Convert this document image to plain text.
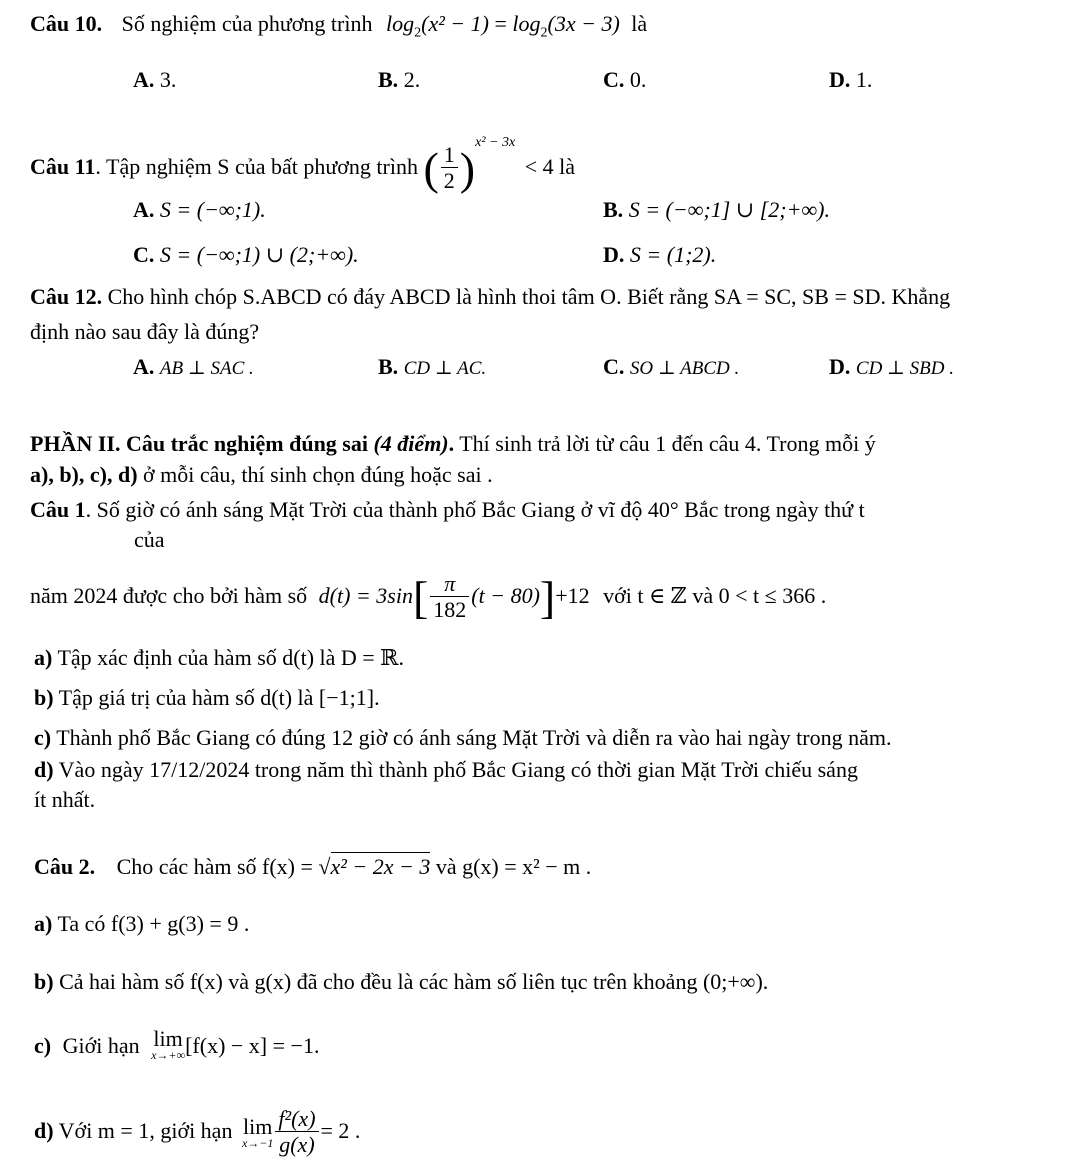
Câu 10. Số nghiệm của phương trình $\log_2(x^2 - 1) = \log_2(3x - 3)$ là
A. 3.	B. 2.	C. 0.	D. 1.
Câu 11. Tập nghiệm S của bất phương trình ( $\frac{1}{2} )^{x^2 - 3x} < 4$ là
A. S = (−∞;1).	B. S = (−∞;1] ∪ [2;+∞).
C. S = (−∞;1) ∪ (2;+∞).	D. S = (1;2).
Câu 12. Cho hình chóp S.ABCD có đáy ABCD là hình thoi tâm O. Biết rằng SA = SC, SB = SD. Khẳng
định nào sau đây là đúng?
A. AB ⊥ SAC .	B. CD ⊥ AC.	C. SO ⊥ ABCD .	D. CD ⊥ SBD .
PHẦN II. Câu trắc nghiệm đúng sai (4 điểm). Thí sinh trả lời từ câu 1 đến câu 4. Trong mỗi ý
a), b), c), d) ở mỗi câu, thí sinh chọn đúng hoặc sai .
Câu 1. Số giờ có ánh sáng Mặt Trời của thành phố Bắc Giang ở vĩ độ 40° Bắc trong ngày thứ t
của
năm 2024 được cho bởi hàm số $d(t) = 3\sin[ \frac{\pi}{182} (t - 80)]+12$ với t ∈ ℤ và 0 < t ≤ 366 .
a) Tập xác định của hàm số d(t) là D = ℝ.
b) Tập giá trị của hàm số d(t) là [−1;1].
c) Thành phố Bắc Giang có đúng 12 giờ có ánh sáng Mặt Trời và diễn ra vào hai ngày trong năm.
d) Vào ngày 17/12/2024 trong năm thì thành phố Bắc Giang có thời gian Mặt Trời chiếu sáng
ít nhất.
Câu 2. Cho các hàm số f(x) = √x² − 2x − 3 và g(x) = x² − m .
a) Ta có f(3) + g(3) = 9 .
b) Cả hai hàm số f(x) và g(x) đã cho đều là các hàm số liên tục trên khoảng (0;+∞).
c) Giới hạn lim
x→+∞ [f(x) − x] = −1.
d) Với m = 1, giới hạn lim
$x\to-1 \frac{\text{f²(x)}}{g(x)} = 2$ .
